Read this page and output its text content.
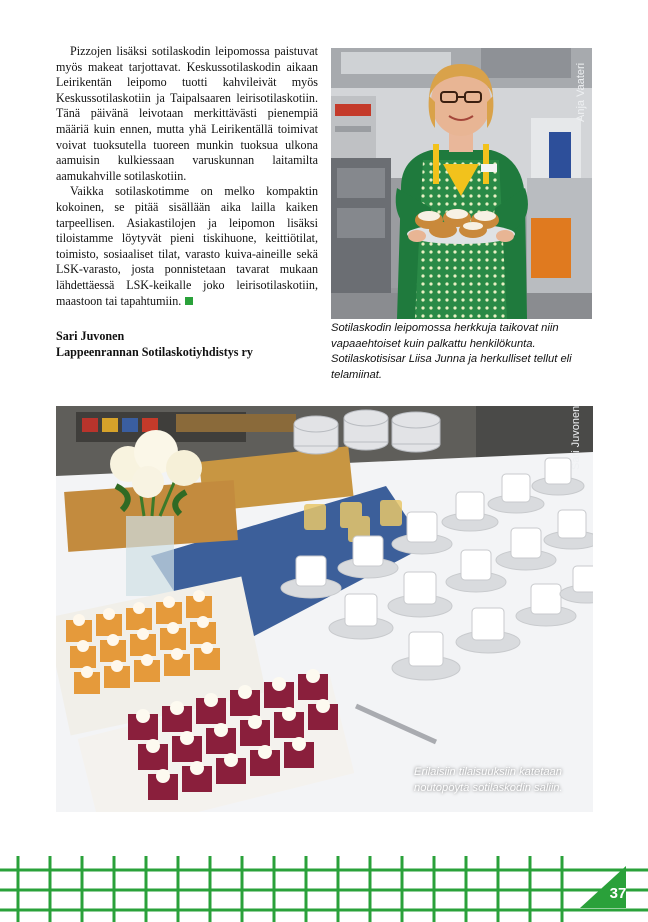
Pizzojen lisäksi sotilaskodin leipomossa paistuvat myös makeat tarjottavat. Keskussotilaskodin aikaan Leirikentän leipomo tuotti kahvileivät myös Keskussotilaskotiin ja Taipalsaaren leirisotilaskotiin. Tänä päivänä leivotaan merkittävästi pienempiä määriä kuin ennen, mutta yhä Leirikentällä toimivat voivat tuoksutella tuoreen munkin tuoksua ulkona aamuisin kulkiessaan varuskunnan laitamilta aamukahville sotilaskotiin.

Vaikka sotilaskotimme on melko kompaktin kokoinen, se pitää sisällään aika lailla kaiken tarpeellisen. Asiakastilojen ja leipomon lisäksi tiloistamme löytyvät pieni tiskihuone, keittiötilat, toimisto, sosiaaliset tilat, varasto kuiva-aineille sekä LSK-varasto, josta ponnistetaan tavarat mukaan lähdettäessä LSK-keikalle joko leirisotilaskotiin, maastoon tai tapahtumiin.

Sari Juvonen
Lappeenrannan Sotilaskotiyhdistys ry
Anja Vaateri
Sotilaskodin leipomossa herkkuja taikovat niin vapaaehtoiset kuin palkattu henkilökunta. Sotilaskotisisar Liisa Junna ja herkulliset tellut eli telamiinat.
Sari Juvonen
Erilaisiin tilaisuuksiin katetaan noutopöytä sotilaskodin saliin.
37
